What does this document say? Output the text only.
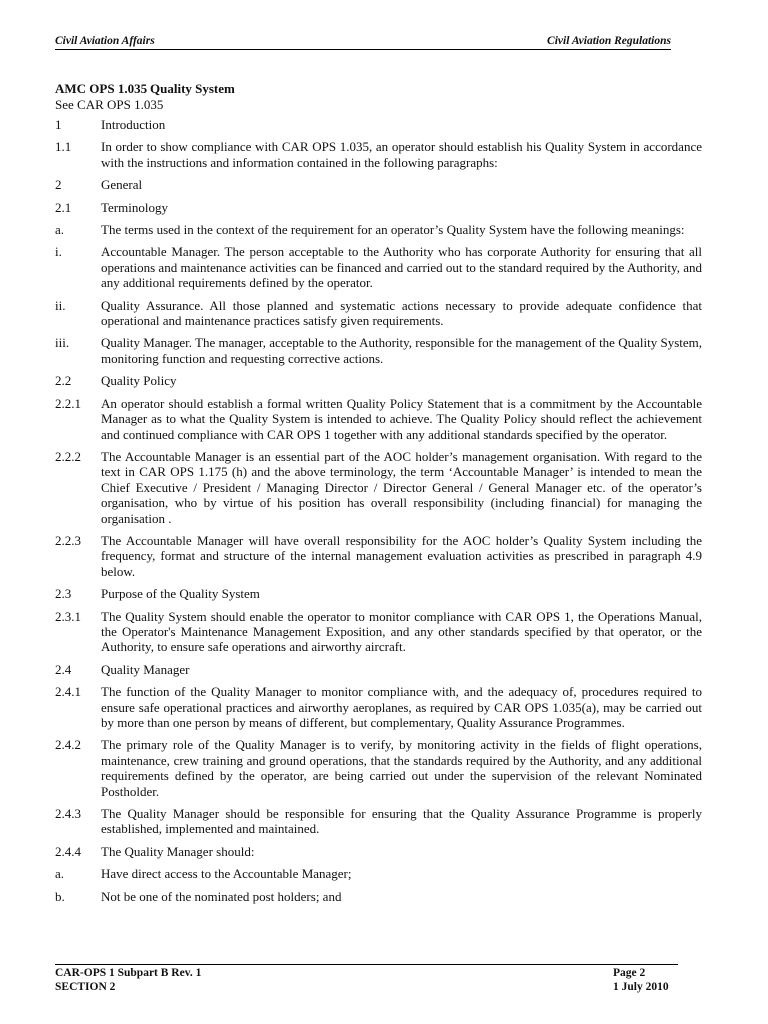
Civil Aviation Affairs	Civil Aviation Regulations
AMC OPS 1.035 Quality System
See CAR OPS 1.035
1	Introduction
1.1	In order to show compliance with CAR OPS 1.035, an operator should establish his Quality System in accordance with the instructions and information contained in the following paragraphs:
2	General
2.1	Terminology
a.	The terms used in the context of the requirement for an operator’s Quality System have the following meanings:
i.	Accountable Manager. The person acceptable to the Authority who has corporate Authority for ensuring that all operations and maintenance activities can be financed and carried out to the standard required by the Authority, and any additional requirements defined by the operator.
ii.	Quality Assurance. All those planned and systematic actions necessary to provide adequate confidence that operational and maintenance practices satisfy given requirements.
iii.	Quality Manager. The manager, acceptable to the Authority, responsible for the management of the Quality System, monitoring function and requesting corrective actions.
2.2	Quality Policy
2.2.1	An operator should establish a formal written Quality Policy Statement that is a commitment by the Accountable Manager as to what the Quality System is intended to achieve. The Quality Policy should reflect the achievement and continued compliance with CAR OPS 1 together with any additional standards specified by the operator.
2.2.2	The Accountable Manager is an essential part of the AOC holder’s management organisation. With regard to the text in CAR OPS 1.175 (h) and the above terminology, the term ‘Accountable Manager’ is intended to mean the Chief Executive / President / Managing Director / Director General / General Manager etc. of the operator’s organisation, who by virtue of his position has overall responsibility (including financial) for managing the organisation .
2.2.3	The Accountable Manager will have overall responsibility for the AOC holder’s Quality System including the frequency, format and structure of the internal management evaluation activities as prescribed in paragraph 4.9 below.
2.3	Purpose of the Quality System
2.3.1	The Quality System should enable the operator to monitor compliance with CAR OPS 1, the Operations Manual, the Operator's Maintenance Management Exposition, and any other standards specified by that operator, or the Authority, to ensure safe operations and airworthy aircraft.
2.4	Quality Manager
2.4.1	The function of the Quality Manager to monitor compliance with, and the adequacy of, procedures required to ensure safe operational practices and airworthy aeroplanes, as required by CAR OPS 1.035(a), may be carried out by more than one person by means of different, but complementary, Quality Assurance Programmes.
2.4.2	The primary role of the Quality Manager is to verify, by monitoring activity in the fields of flight operations, maintenance, crew training and ground operations, that the standards required by the Authority, and any additional requirements defined by the operator, are being carried out under the supervision of the relevant Nominated Postholder.
2.4.3	The Quality Manager should be responsible for ensuring that the Quality Assurance Programme is properly established, implemented and maintained.
2.4.4	The Quality Manager should:
a.	Have direct access to the Accountable Manager;
b.	Not be one of the nominated post holders; and
CAR-OPS 1 Subpart B Rev. 1	Page 2
SECTION 2	1 July 2010
